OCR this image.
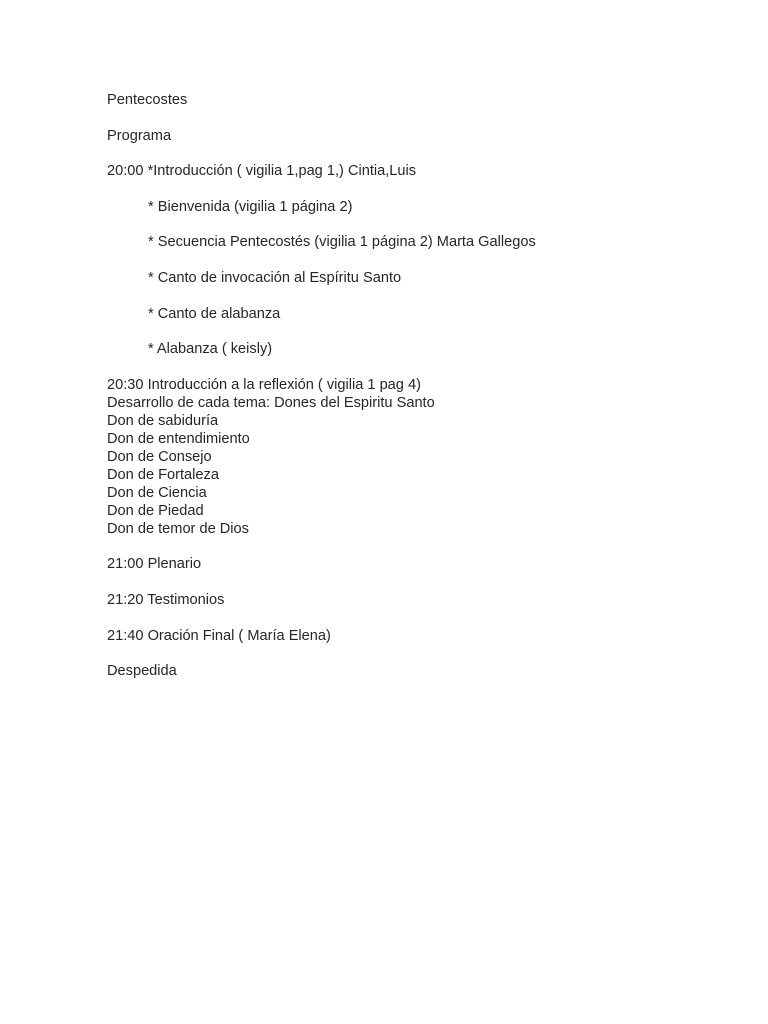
Pentecostes
Programa
20:00 *Introducción ( vigilia 1,pag 1,) Cintia,Luis
* Bienvenida (vigilia 1 página 2)
* Secuencia Pentecostés (vigilia 1 página 2) Marta Gallegos
* Canto de invocación al Espíritu Santo
* Canto de alabanza
* Alabanza ( keisly)
20:30 Introducción a la reflexión ( vigilia 1 pag 4)
Desarrollo de cada tema: Dones del Espiritu Santo
Don de sabiduría
Don de entendimiento
Don de Consejo
Don de Fortaleza
Don de Ciencia
Don de Piedad
Don de temor de Dios
21:00 Plenario
21:20 Testimonios
21:40 Oración Final ( María Elena)
Despedida
